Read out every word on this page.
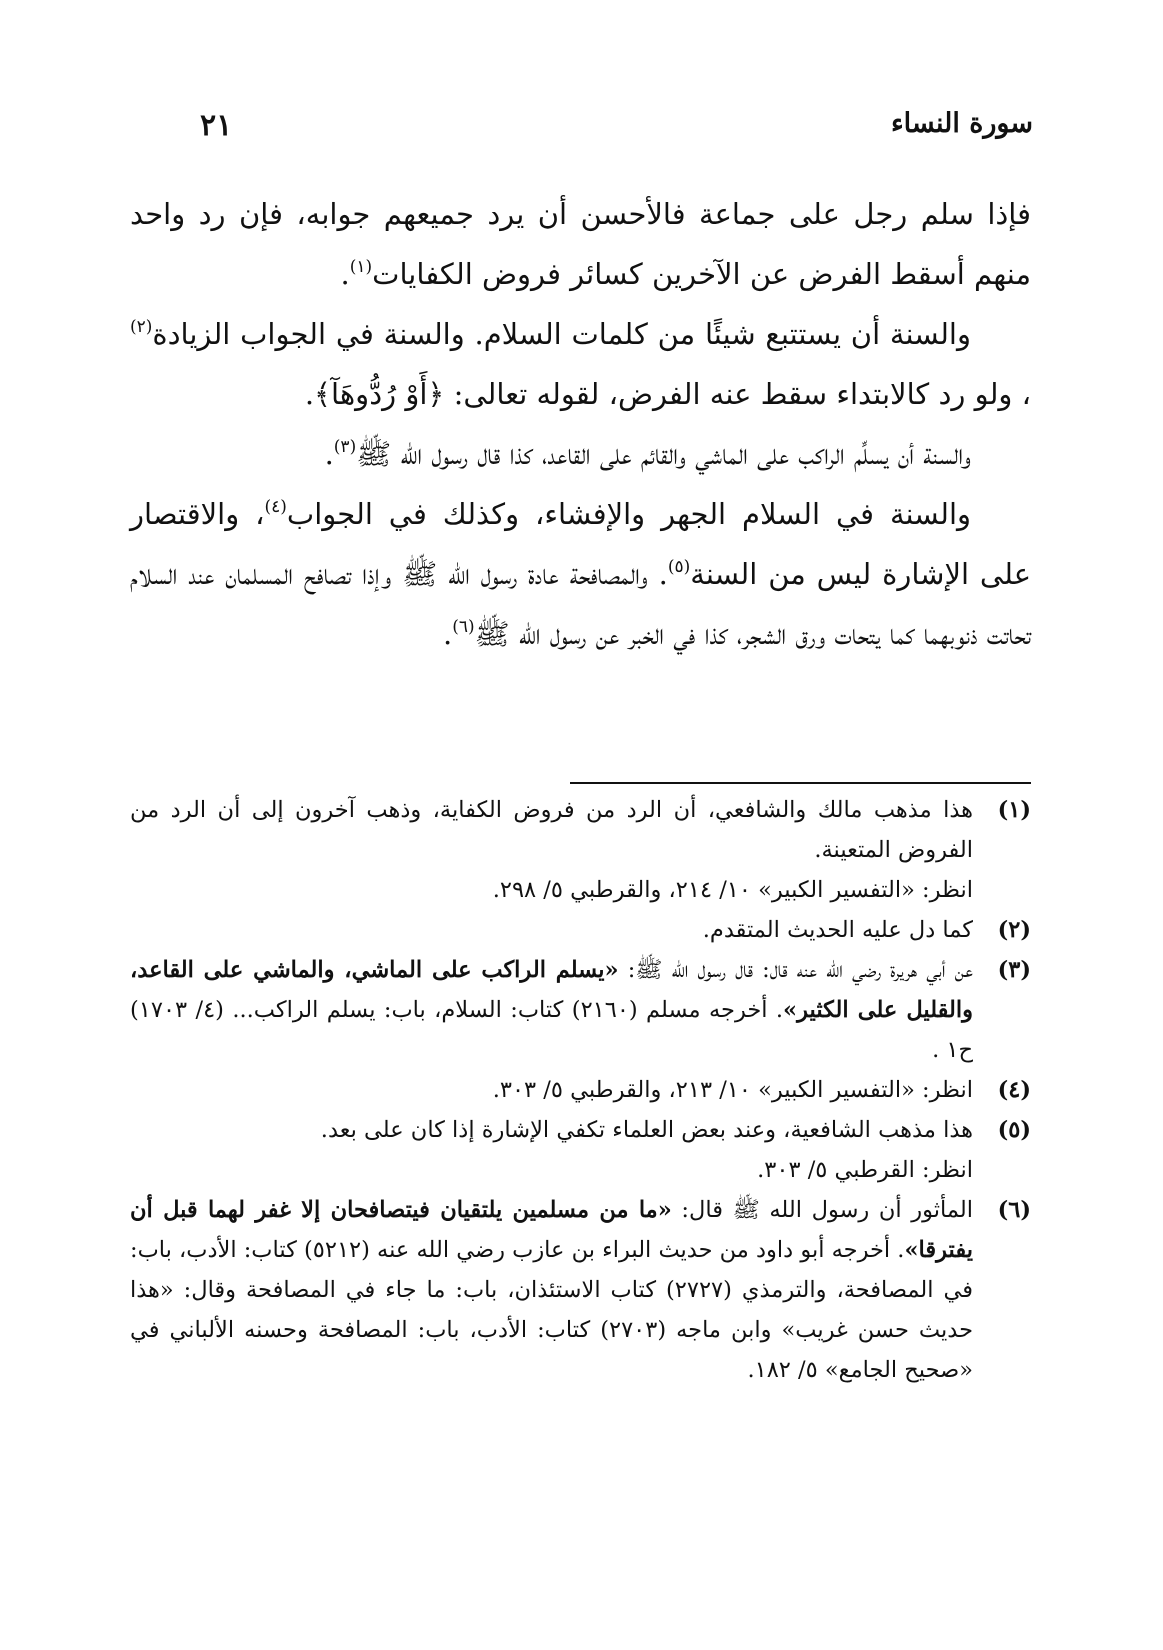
سورة النساء
٢١

فإذا سلم رجل على جماعة فالأحسن أن يرد جميعهم جوابه، فإن رد واحد منهم أسقط الفرض عن الآخرين كسائر فروض الكفايات$^{(١)}$.

والسنة أن يستتبع شيئًا من كلمات السلام. والسنة في الجواب الزيادة$^{(٢)}$ ، ولو رد كالابتداء سقط عنه الفرض، لقوله تعالى: ﴿أَوْ رُدُّوهَآ﴾.

والسنة أن يسلِّم الراكب على الماشي والقائم على القاعد، كذا قال رسول الله ﷺ$^{(٣)}$.

والسنة في السلام الجهر والإفشاء، وكذلك في الجواب$^{(٤)}$، والاقتصار على الإشارة ليس من السنة$^{(٥)}$. والمصافحة عادة رسول الله ﷺ وإذا تصافح المسلمان عند السلام تحاتت ذنوبهما كما يتحات ورق الشجر، كذا في الخبر عن رسول الله ﷺ$^{(٦)}$.

(١)
هذا مذهب مالك والشافعي، أن الرد من فروض الكفاية، وذهب آخرون إلى أن الرد من الفروض المتعينة.
انظر: «التفسير الكبير» ١٠/ ٢١٤، والقرطبي ٥/ ٢٩٨.
(٢)
كما دل عليه الحديث المتقدم.
(٣)
عن أبي هريرة رضي الله عنه قال: قال رسول الله ﷺ: «يسلم الراكب على الماشي، والماشي على القاعد، والقليل على الكثير». أخرجه مسلم (٢١٦٠) كتاب: السلام، باب: يسلم الراكب... (٤/ ١٧٠٣) ح١ .
(٤)
انظر: «التفسير الكبير» ١٠/ ٢١٣، والقرطبي ٥/ ٣٠٣.
(٥)
هذا مذهب الشافعية، وعند بعض العلماء تكفي الإشارة إذا كان على بعد.
انظر: القرطبي ٥/ ٣٠٣.
(٦)
المأثور أن رسول الله ﷺ قال: «ما من مسلمين يلتقيان فيتصافحان إلا غفر لهما قبل أن يفترقا». أخرجه أبو داود من حديث البراء بن عازب رضي الله عنه (٥٢١٢) كتاب: الأدب، باب: في المصافحة، والترمذي (٢٧٢٧) كتاب الاستئذان، باب: ما جاء في المصافحة وقال: «هذا حديث حسن غريب» وابن ماجه (٢٧٠٣) كتاب: الأدب، باب: المصافحة وحسنه الألباني في «صحيح الجامع» ٥/ ١٨٢.
